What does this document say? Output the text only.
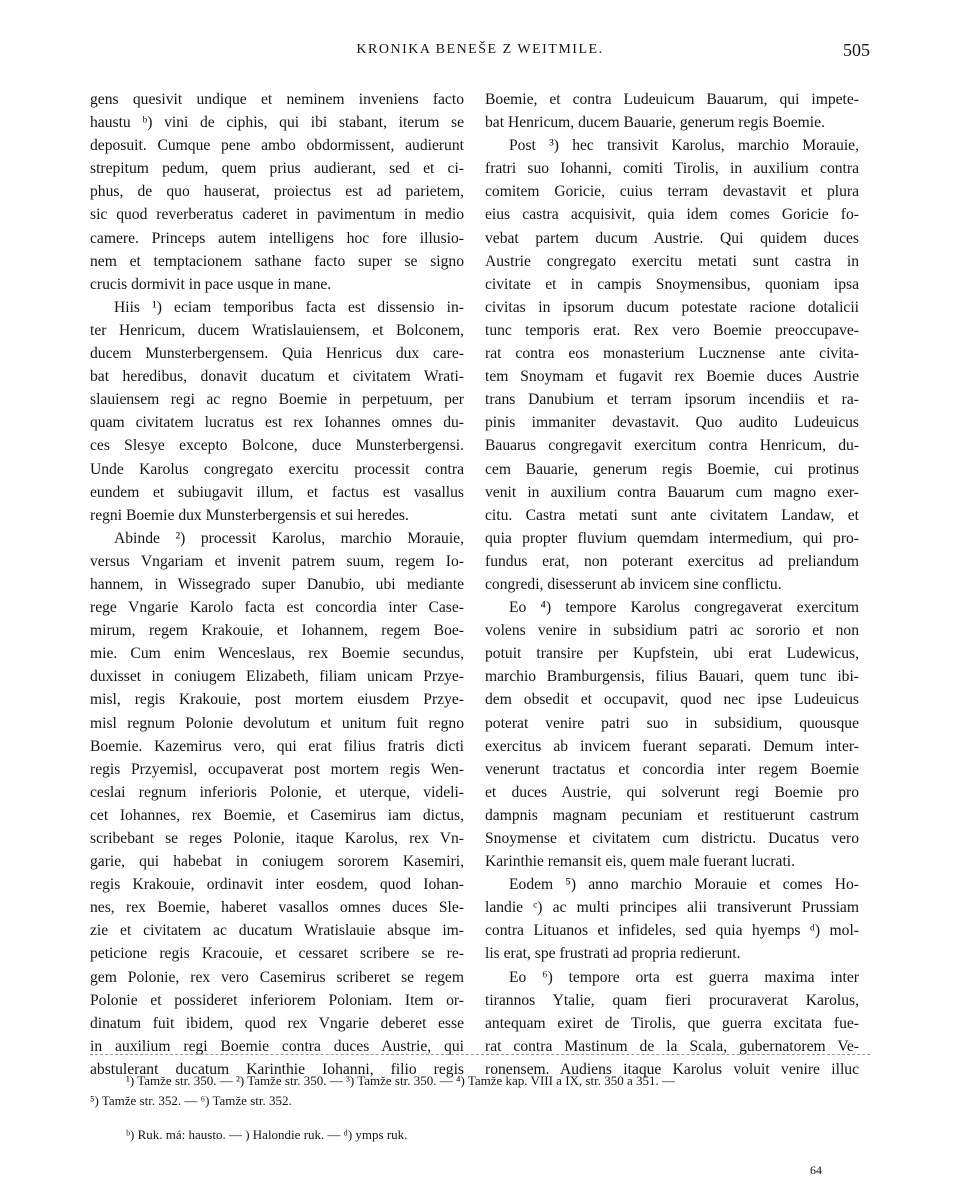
KRONIKA BENEŠE Z WEITMILE.	505
gens quesivit undique et neminem inveniens facto
haustu ᵇ) vini de ciphis, qui ibi stabant, iterum se
deposuit. Cumque pene ambo obdormissent, audierunt
strepitum pedum, quem prius audierant, sed et ci-
phus, de quo hauserat, proiectus est ad parietem,
sic quod reverberatus caderet in pavimentum in medio
camere. Princeps autem intelligens hoc fore illusio-
nem et temptacionem sathane facto super se signo
crucis dormivit in pace usque in mane.
Hiis ¹) eciam temporibus facta est dissensio in-
ter Henricum, ducem Wratislauiensem, et Bolconem,
ducem Munsterbergensem. Quia Henricus dux care-
bat heredibus, donavit ducatum et civitatem Wrati-
slauiensem regi ac regno Boemie in perpetuum, per
quam civitatem lucratus est rex Iohannes omnes du-
ces Slesye excepto Bolcone, duce Munsterbergensi.
Unde Karolus congregato exercitu processit contra
eundem et subiugavit illum, et factus est vasallus
regni Boemie dux Munsterbergensis et sui heredes.
Abinde ²) processit Karolus, marchio Morauie,
versus Vngariam et invenit patrem suum, regem Io-
hannem, in Wissegrado super Danubio, ubi mediante
rege Vngarie Karolo facta est concordia inter Case-
mirum, regem Krakouie, et Iohannem, regem Boe-
mie. Cum enim Wenceslaus, rex Boemie secundus,
duxisset in coniugem Elizabeth, filiam unicam Przye-
misl, regis Krakouie, post mortem eiusdem Przye-
misl regnum Polonie devolutum et unitum fuit regno
Boemie. Kazemirus vero, qui erat filius fratris dicti
regis Przyemisl, occupaverat post mortem regis Wen-
ceslai regnum inferioris Polonie, et uterque, videli-
cet Iohannes, rex Boemie, et Casemirus iam dictus,
scribebant se reges Polonie, itaque Karolus, rex Vn-
garie, qui habebat in coniugem sororem Kasemiri,
regis Krakouie, ordinavit inter eosdem, quod Iohan-
nes, rex Boemie, haberet vasallos omnes duces Sle-
zie et civitatem ac ducatum Wratislauie absque im-
peticione regis Kracouie, et cessaret scribere se re-
gem Polonie, rex vero Casemirus scriberet se regem
Polonie et possideret inferiorem Poloniam. Item or-
dinatum fuit ibidem, quod rex Vngarie deberet esse
in auxilium regi Boemie contra duces Austrie, qui
abstulerant ducatum Karinthie Iohanni, filio regis
Boemie, et contra Ludeuicum Bauarum, qui impete-
bat Henricum, ducem Bauarie, generum regis Boemie.
Post ³) hec transivit Karolus, marchio Morauie,
fratri suo Iohanni, comiti Tirolis, in auxilium contra
comitem Goricie, cuius terram devastavit et plura
eius castra acquisivit, quia idem comes Goricie fo-
vebat partem ducum Austrie. Qui quidem duces
Austrie congregato exercitu metati sunt castra in
civitate et in campis Snoymensibus, quoniam ipsa
civitas in ipsorum ducum potestate racione dotalicii
tunc temporis erat. Rex vero Boemie preoccupave-
rat contra eos monasterium Lucznense ante civita-
tem Snoymam et fugavit rex Boemie duces Austrie
trans Danubium et terram ipsorum incendiis et ra-
pinis immaniter devastavit. Quo audito Ludeuicus
Bauarus congregavit exercitum contra Henricum, du-
cem Bauarie, generum regis Boemie, cui protinus
venit in auxilium contra Bauarum cum magno exer-
citu. Castra metati sunt ante civitatem Landaw, et
quia propter fluvium quemdam intermedium, qui pro-
fundus erat, non poterant exercitus ad preliandum
congredi, disesserunt ab invicem sine conflictu.
Eo ⁴) tempore Karolus congregaverat exercitum
volens venire in subsidium patri ac sororio et non
potuit transire per Kupfstein, ubi erat Ludewicus,
marchio Bramburgensis, filius Bauari, quem tunc ibi-
dem obsedit et occupavit, quod nec ipse Ludeuicus
poterat venire patri suo in subsidium, quousque
exercitus ab invicem fuerant separati. Demum inter-
venerunt tractatus et concordia inter regem Boemie
et duces Austrie, qui solverunt regi Boemie pro
dampnis magnam pecuniam et restituerunt castrum
Snoymense et civitatem cum districtu. Ducatus vero
Karinthie remansit eis, quem male fuerant lucrati.
Eodem ⁵) anno marchio Morauie et comes Ho-
landie ᶜ) ac multi principes alii transiverunt Prussiam
contra Lituanos et infideles, sed quia hyemps ᵈ) mol-
lis erat, spe frustrati ad propria redierunt.
Eo ⁶) tempore orta est guerra maxima inter
tirannos Ytalie, quam fieri procuraverat Karolus,
antequam exiret de Tirolis, que guerra excitata fue-
rat contra Mastinum de la Scala, gubernatorem Ve-
ronensem. Audiens itaque Karolus voluit venire illuc
¹) Tamže str. 350. — ²) Tamže str. 350. — ³) Tamže str. 350. — ⁴) Tamže kap. VIII a IX, str. 350 a 351. —
⁵) Tamže str. 352. — ⁶) Tamže str. 352.
ᵇ) Ruk. má: hausto. — ) Halondie ruk. — ᵈ) ymps ruk.
64
